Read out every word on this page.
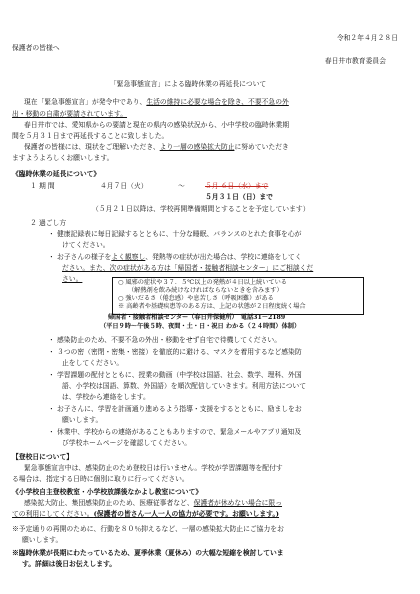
令和２年４月２８日
保護者の皆様へ
春日井市教育委員会
「緊急事態宣言」による臨時休業の再延長について
現在「緊急事態宣言」が発令中であり、生活の維持に必要な場合を除き、不要不急の外
出・移動の自粛が要請されています。
春日井市では、愛知県からの要請と現在の県内の感染状況から、小中学校の臨時休業期
間を５月３１日まで再延長することに致しました。
保護者の皆様には、現状をご理解いただき、より一層の感染拡大防止に努めていただき
ますようよろしくお願いします。
《臨時休業の延長について》
１ 期 間	４月７日（火）	～	５月 ６日（水）まで
５月３１日（日）まで
（５月２１日以降は、学校再開準備期間とすることを予定しています）
２ 過ごし方
・ 健康記録表に毎日記録するとともに、十分な睡眠、バランスのとれた食事を心が
けてください。
・ お子さんの様子をよく観察し、発熱等の症状が出た場合は、学校に連絡をしてく
ださい。また、次の症状がある方は「帰国者・接触者相談センター」にご相談くだ
さい。	○ 風邪の症状や３７．５℃以上の発熱が４日以上続いている
（解熱剤を飲み続けなければならないときを含みます）
○ 強いだるさ（倦怠感）や息苦しさ（呼吸困難）がある
※ 高齢者や基礎疾患等のある方は、上記の状態が２日程度続く場合
帰国者・接触者相談センター（春日井保健所）　電話31－2189
（平日９時～午後５時、夜間・土・日・祝日 わかる（２４時間）体制）
・ 感染防止のため、不要不急の外出・移動をせず自宅で待機してください。
・ ３つの密（密閉・密集・密接）を徹底的に避ける、マスクを着用するなど感染防
止をしてください。
・ 学習課題の配付とともに、授業の動画（中学校は国語、社会、数学、理科、外国
語、小学校は国語、算数、外国語）を順次配信していきます。利用方法について
は、学校から連絡をします。
・ お子さんに、学習を計画通り進めるよう指導・支援をするとともに、励ましをお
願いします。
・ 休業中、学校からの連絡があることもありますので、緊急メールやアプリ通知及
び学校ホームページを確認してください。
【登校日について】
緊急事態宣言中は、感染防止のため登校日は行いません。学校が学習課題等を配付す
る場合は、指定する日時に個別に取りに行ってください。
《小学校自主登校教室・小学校放課後なかよし教室について》
感染拡大防止、集団感染防止のため、医療従事者など、保護者が休めない場合に限っ
ての利用にしてください。(保護者の皆さん一人一人の協力が必要です。お願いします。)
※予定通りの再開のために、行動を８０％抑えるなど、一層の感染拡大防止にご協力をお
願いします。
※臨時休業が長期にわたっているため、夏季休業（夏休み）の大幅な短縮を検討していま
す。詳細は後日お伝えします。
